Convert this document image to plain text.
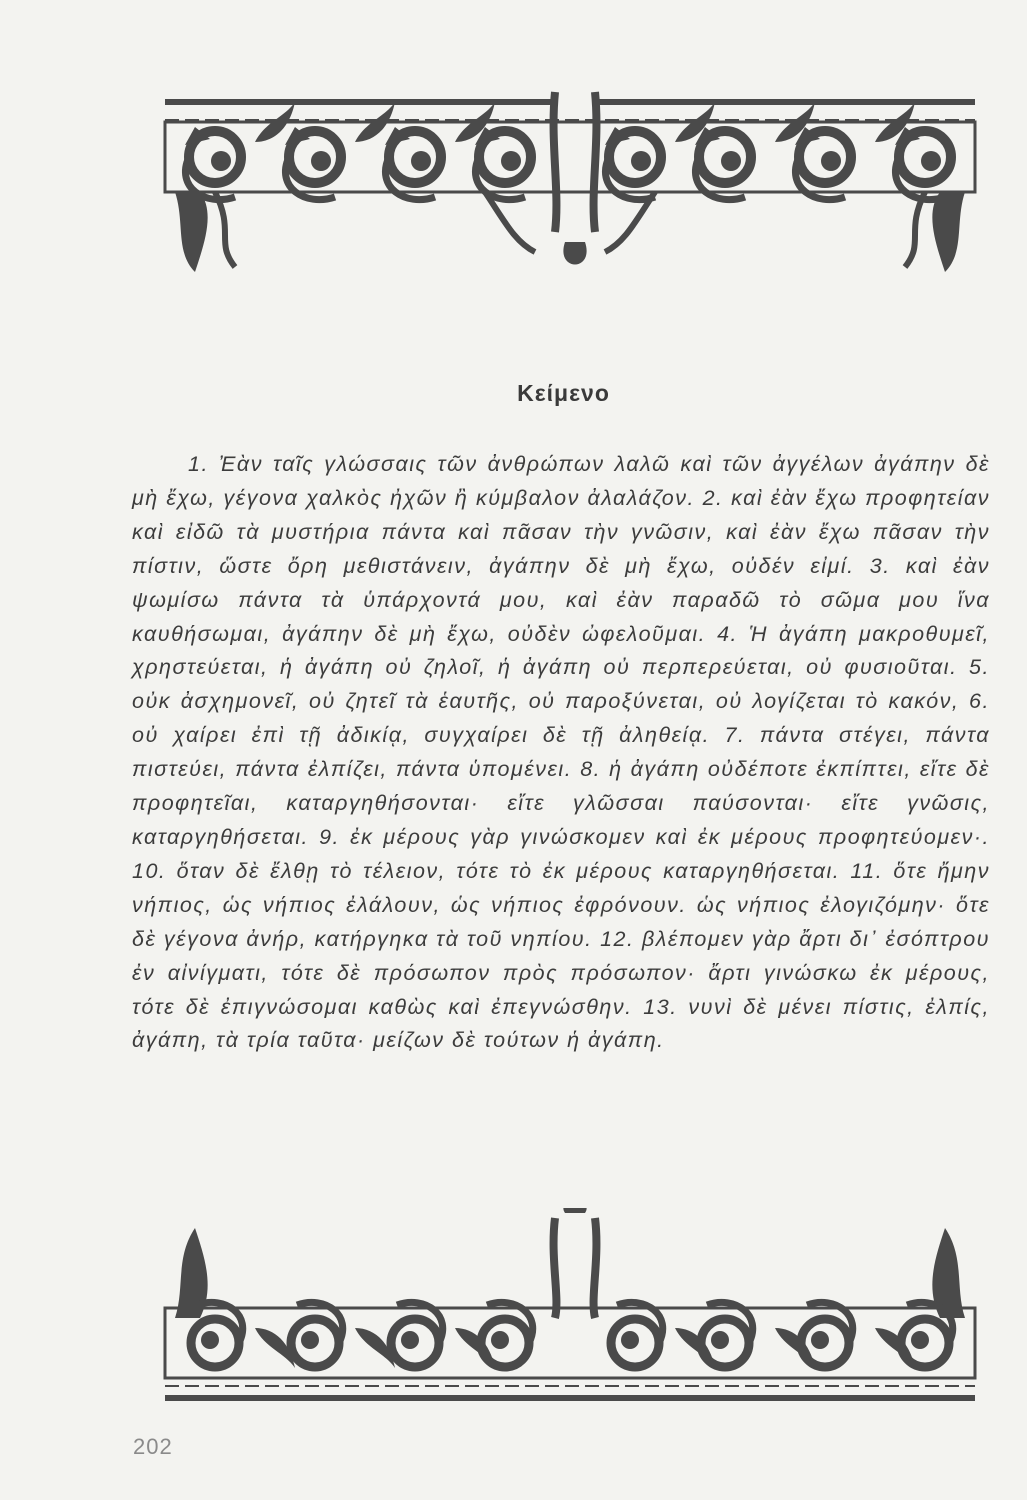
Κείμενο

1. Ἐὰν ταῖς γλώσσαις τῶν ἀνθρώπων λαλῶ καὶ τῶν ἀγγέλων ἀγάπην δὲ μὴ ἔχω, γέγονα χαλκὸς ἠχῶν ἢ κύμβαλον ἀλαλάζον. 2. καὶ ἐὰν ἔχω προφητείαν καὶ εἰδῶ τὰ μυστήρια πάντα καὶ πᾶσαν τὴν γνῶσιν, καὶ ἐὰν ἔχω πᾶσαν τὴν πίστιν, ὥστε ὄρη μεθιστάνειν, ἀγάπην δὲ μὴ ἔχω, οὐδέν εἰμί. 3. καὶ ἐὰν ψωμίσω πάντα τὰ ὑπάρχοντά μου, καὶ ἐὰν παραδῶ τὸ σῶμα μου ἵνα καυθήσωμαι, ἀγάπην δὲ μὴ ἔχω, οὐδὲν ὠφελοῦμαι. 4. Ἡ ἀγάπη μακροθυμεῖ, χρηστεύεται, ἡ ἀγάπη οὐ ζηλοῖ, ἡ ἀγάπη οὐ περπερεύεται, οὐ φυσιοῦται. 5. οὐκ ἀσχημονεῖ, οὐ ζητεῖ τὰ ἑαυτῆς, οὐ παροξύνεται, οὐ λογίζεται τὸ κακόν, 6. οὐ χαίρει ἐπὶ τῇ ἀδικίᾳ, συγχαίρει δὲ τῇ ἀληθείᾳ. 7. πάντα στέγει, πάντα πιστεύει, πάντα ἐλπίζει, πάντα ὑπομένει. 8. ἡ ἀγάπη οὐδέποτε ἐκπίπτει, εἴτε δὲ προφητεῖαι, καταργηθήσονται· εἴτε γλῶσσαι παύσονται· εἴτε γνῶσις, καταργηθήσεται. 9. ἐκ μέρους γὰρ γινώσκομεν καὶ ἐκ μέρους προφητεύομεν·. 10. ὅταν δὲ ἔλθῃ τὸ τέλειον, τότε τὸ ἐκ μέρους καταργηθήσεται. 11. ὅτε ἤμην νήπιος, ὡς νήπιος ἐλάλουν, ὡς νήπιος ἐφρόνουν. ὡς νήπιος ἐλογιζόμην· ὅτε δὲ γέγονα ἀνήρ, κατήργηκα τὰ τοῦ νηπίου. 12. βλέπομεν γὰρ ἄρτι δι᾽ ἐσόπτρου ἐν αἰνίγματι, τότε δὲ πρόσωπον πρὸς πρόσωπον· ἄρτι γινώσκω ἐκ μέρους, τότε δὲ ἐπιγνώσομαι καθὼς καὶ ἐπεγνώσθην. 13. νυνὶ δὲ μένει πίστις, ἐλπίς, ἀγάπη, τὰ τρία ταῦτα· μείζων δὲ τούτων ἡ ἀγάπη.

202
